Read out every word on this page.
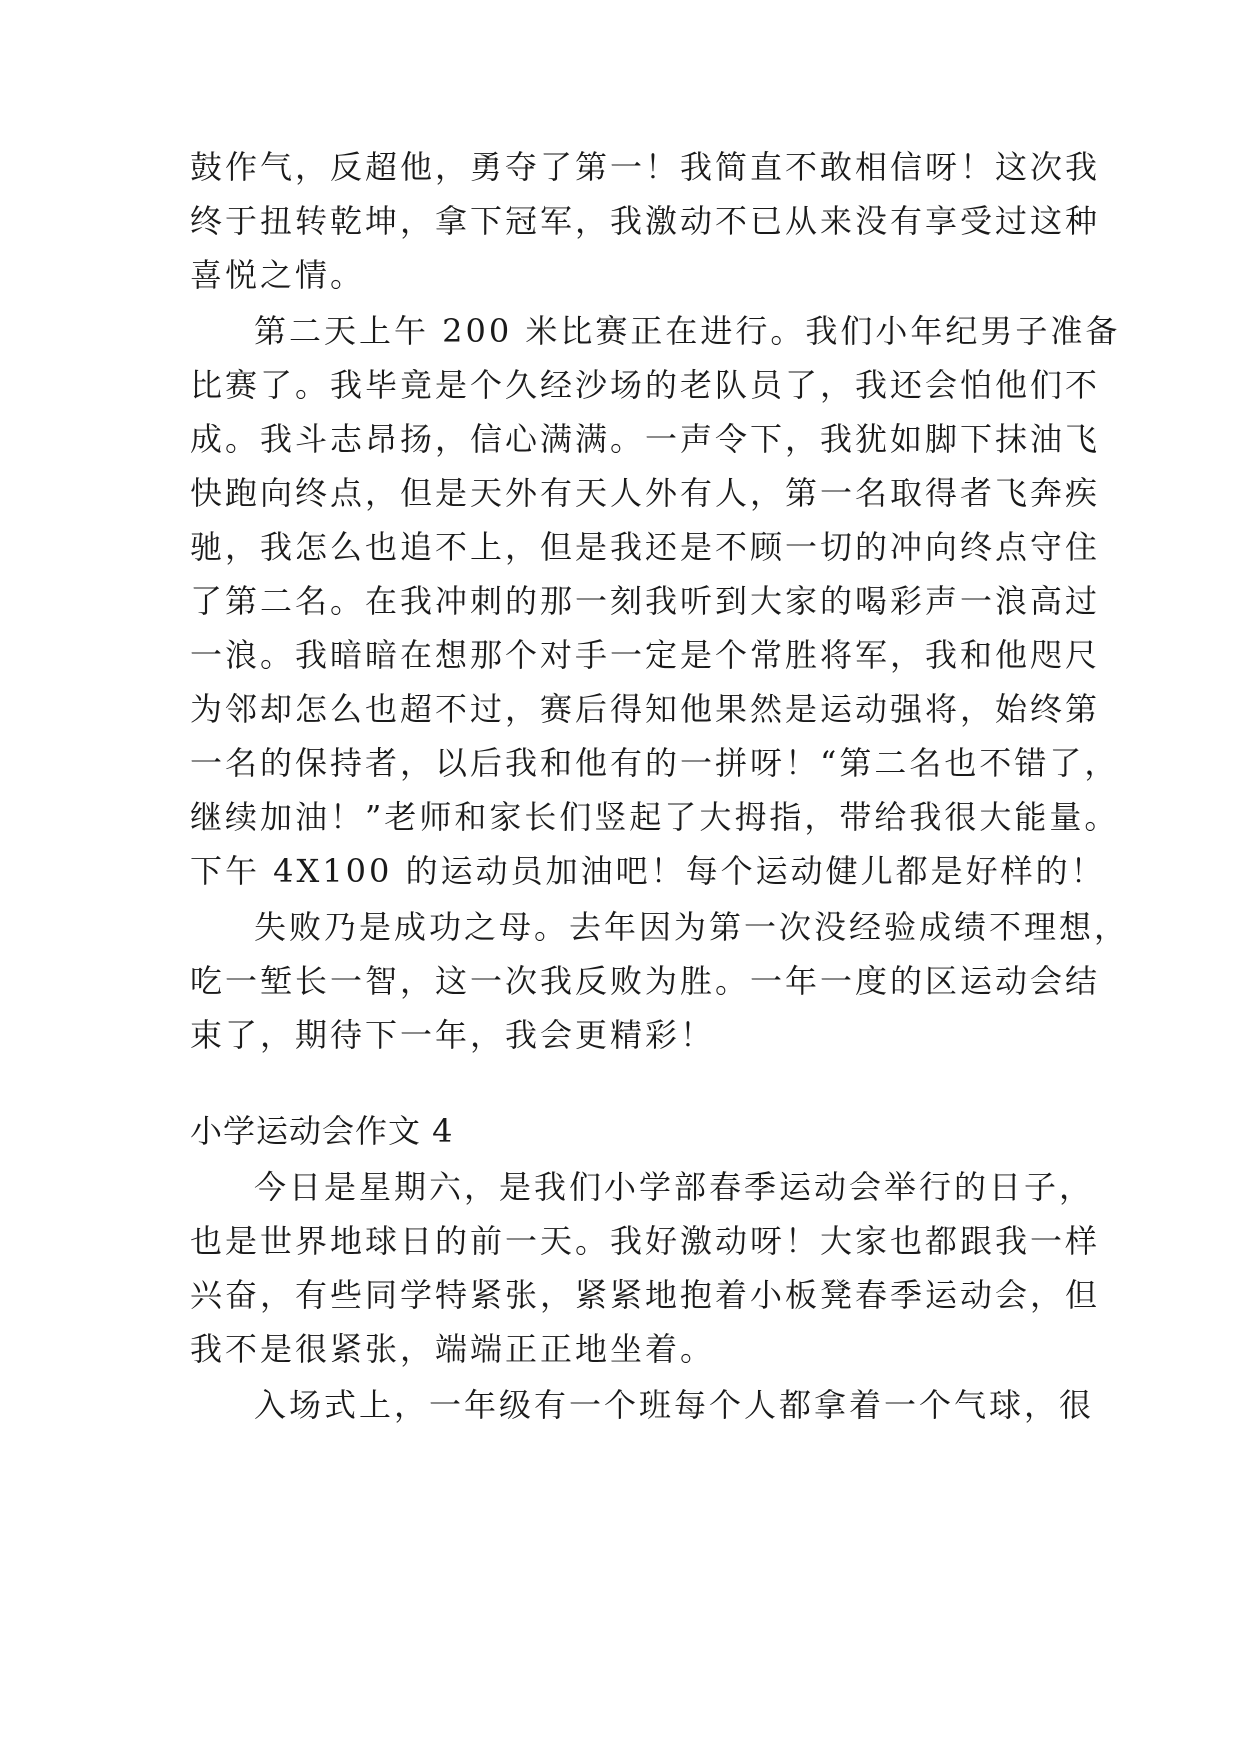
鼓作气，反超他，勇夺了第一！我简直不敢相信呀！这次我
终于扭转乾坤，拿下冠军，我激动不已从来没有享受过这种
喜悦之情。
第二天上午 200 米比赛正在进行。我们小年纪男子准备
比赛了。我毕竟是个久经沙场的老队员了，我还会怕他们不
成。我斗志昂扬，信心满满。一声令下，我犹如脚下抹油飞
快跑向终点，但是天外有天人外有人，第一名取得者飞奔疾
驰，我怎么也追不上，但是我还是不顾一切的冲向终点守住
了第二名。在我冲刺的那一刻我听到大家的喝彩声一浪高过
一浪。我暗暗在想那个对手一定是个常胜将军，我和他咫尺
为邻却怎么也超不过，赛后得知他果然是运动强将，始终第
一名的保持者，以后我和他有的一拼呀！“第二名也不错了，
继续加油！”老师和家长们竖起了大拇指，带给我很大能量。
下午 4X100 的运动员加油吧！每个运动健儿都是好样的！
失败乃是成功之母。去年因为第一次没经验成绩不理想，
吃一堑长一智，这一次我反败为胜。一年一度的区运动会结
束了，期待下一年，我会更精彩！
小学运动会作文 4
今日是星期六，是我们小学部春季运动会举行的日子，
也是世界地球日的前一天。我好激动呀！大家也都跟我一样
兴奋，有些同学特紧张，紧紧地抱着小板凳春季运动会，但
我不是很紧张，端端正正地坐着。
入场式上，一年级有一个班每个人都拿着一个气球，很
